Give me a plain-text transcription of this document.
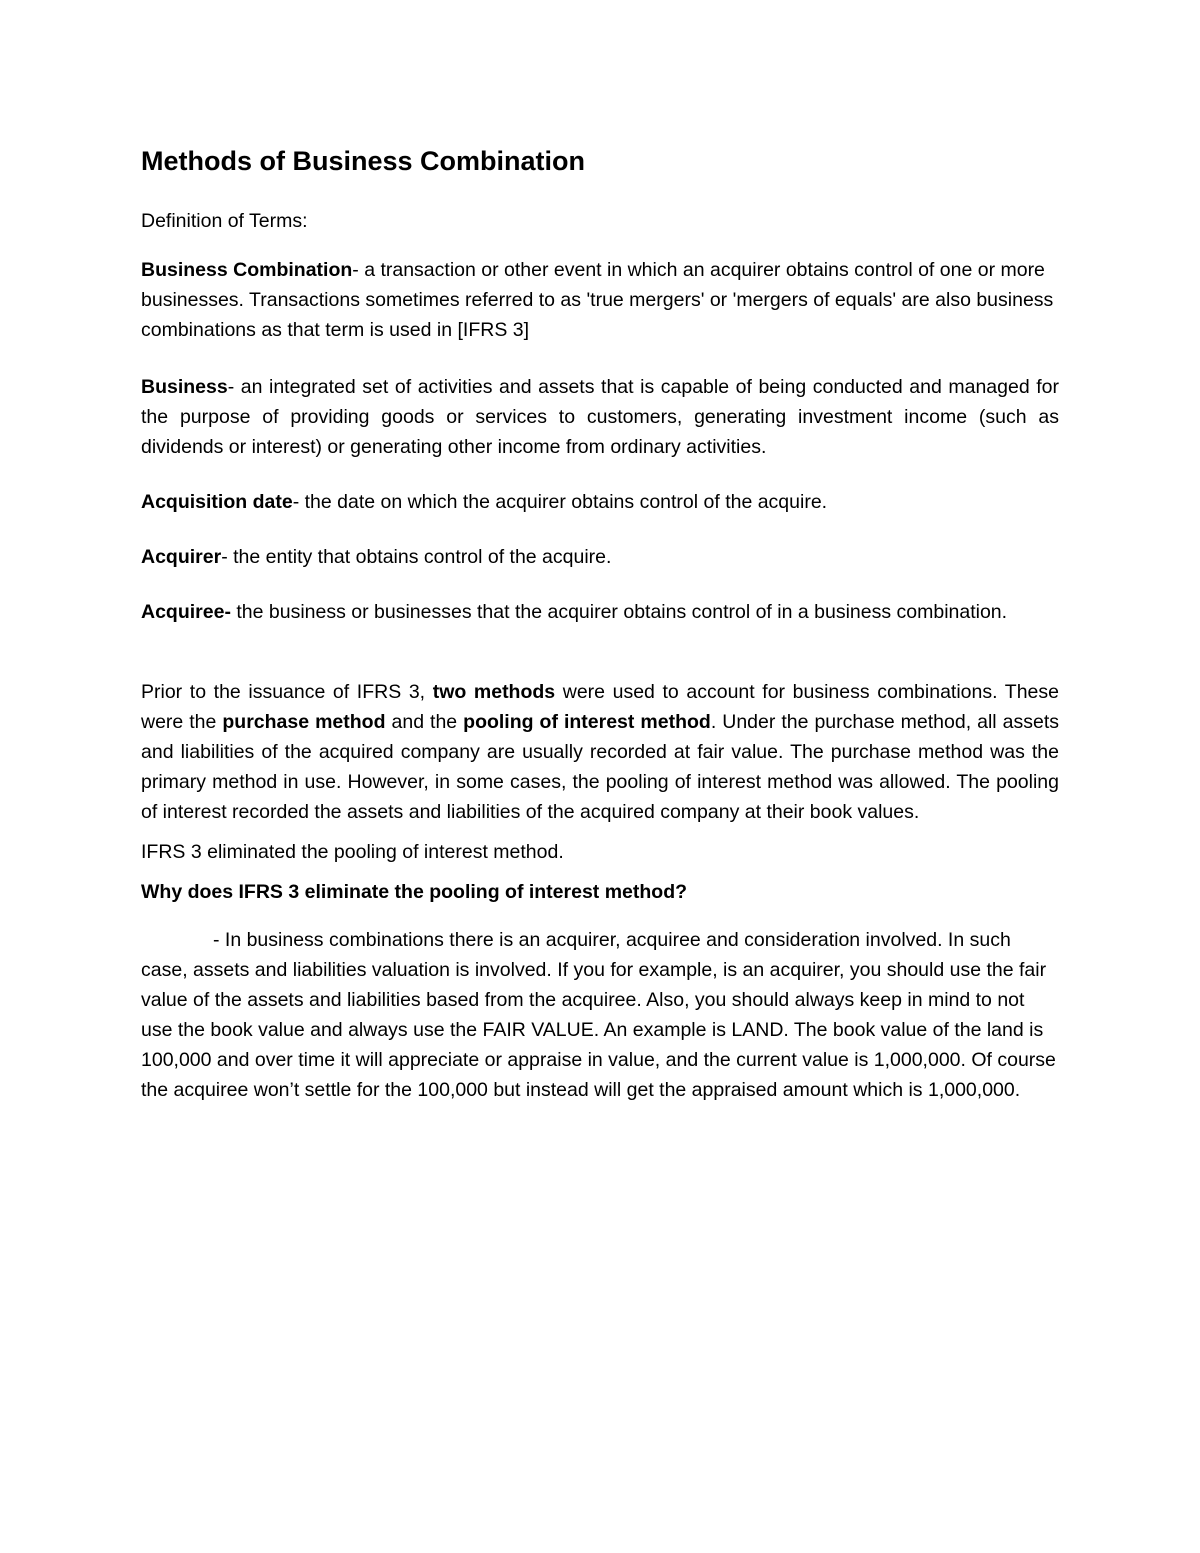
Methods of Business Combination

Definition of Terms:

Business Combination- a transaction or other event in which an acquirer obtains control of one or more businesses. Transactions sometimes referred to as 'true mergers' or 'mergers of equals' are also business combinations as that term is used in [IFRS 3]

Business- an integrated set of activities and assets that is capable of being conducted and managed for the purpose of providing goods or services to customers, generating investment income (such as dividends or interest) or generating other income from ordinary activities.

Acquisition date- the date on which the acquirer obtains control of the acquire.

Acquirer- the entity that obtains control of the acquire.

Acquiree- the business or businesses that the acquirer obtains control of in a business combination.

Prior to the issuance of IFRS 3, two methods were used to account for business combinations. These were the purchase method and the pooling of interest method. Under the purchase method, all assets and liabilities of the acquired company are usually recorded at fair value. The purchase method was the primary method in use. However, in some cases, the pooling of interest method was allowed. The pooling of interest recorded the assets and liabilities of the acquired company at their book values.

IFRS 3 eliminated the pooling of interest method.

Why does IFRS 3 eliminate the pooling of interest method?

- In business combinations there is an acquirer, acquiree and consideration involved. In such case, assets and liabilities valuation is involved. If you for example, is an acquirer, you should use the fair value of the assets and liabilities based from the acquiree. Also, you should always keep in mind to not use the book value and always use the FAIR VALUE. An example is LAND. The book value of the land is 100,000 and over time it will appreciate or appraise in value, and the current value is 1,000,000. Of course the acquiree won’t settle for the 100,000 but instead will get the appraised amount which is 1,000,000.
